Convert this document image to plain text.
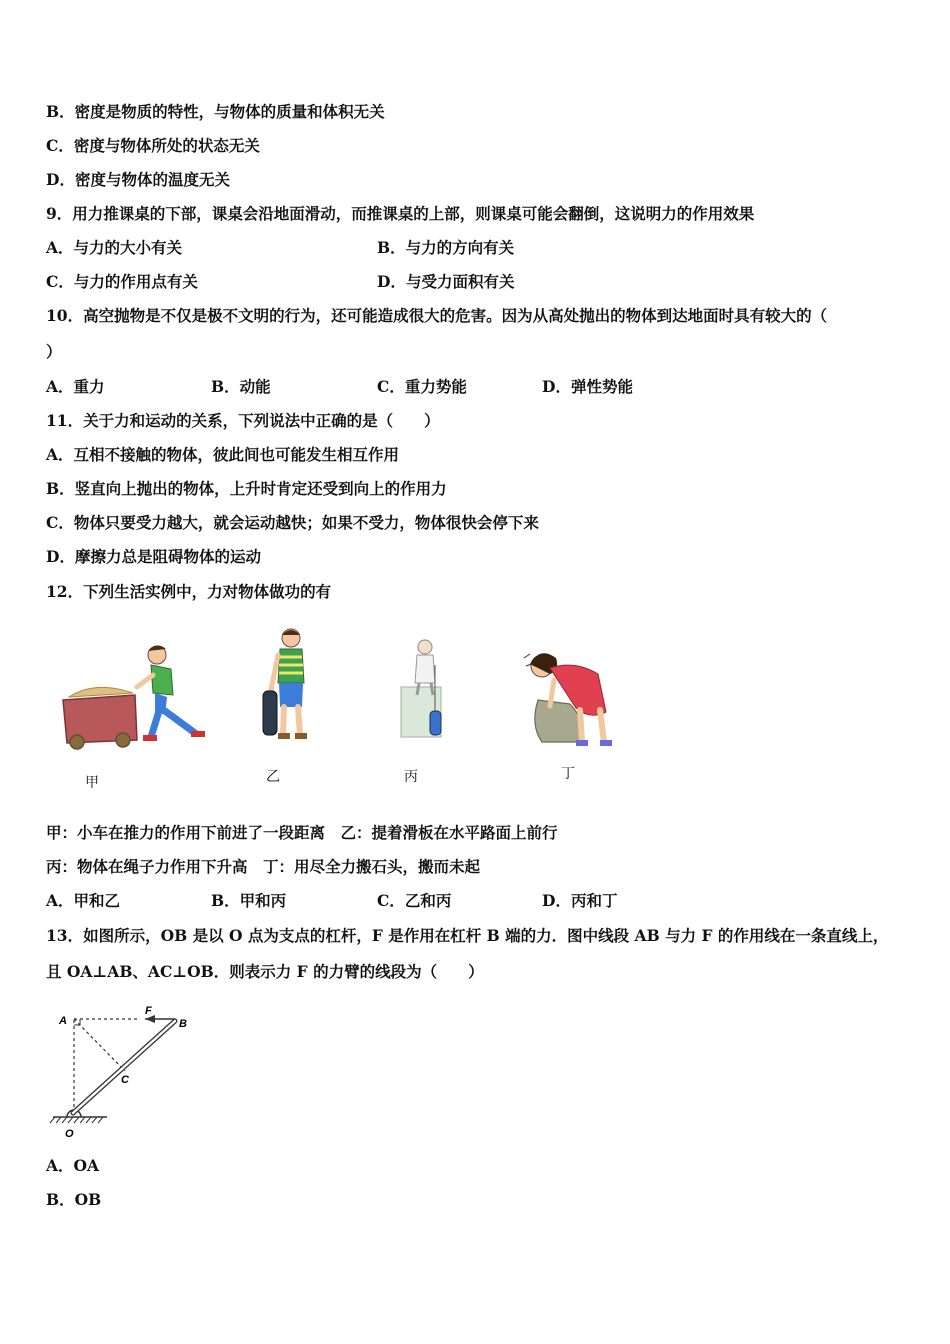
B．密度是物质的特性，与物体的质量和体积无关
C．密度与物体所处的状态无关
D．密度与物体的温度无关
9．用力推课桌的下部，课桌会沿地面滑动，而推课桌的上部，则课桌可能会翻倒，这说明力的作用效果
A．与力的大小有关	B．与力的方向有关
C．与力的作用点有关	D．与受力面积有关
10．高空抛物是不仅是极不文明的行为，还可能造成很大的危害。因为从高处抛出的物体到达地面时具有较大的（
）
A．重力	B．动能	C．重力势能	D．弹性势能
11．关于力和运动的关系，下列说法中正确的是（　　）
A．互相不接触的物体，彼此间也可能发生相互作用
B．竖直向上抛出的物体，上升时肯定还受到向上的作用力
C．物体只要受力越大，就会运动越快；如果不受力，物体很快会停下来
D．摩擦力总是阻碍物体的运动
12．下列生活实例中，力对物体做功的有
甲	乙	丙	丁
甲：小车在推力的作用下前进了一段距离　乙：提着滑板在水平路面上前行
丙：物体在绳子力作用下升高　丁：用尽全力搬石头，搬而未起
A．甲和乙	B．甲和丙	C．乙和丙	D．丙和丁
13．如图所示，OB 是以 O 点为支点的杠杆，F 是作用在杠杆 B 端的力．图中线段 AB 与力 F 的作用线在一条直线上，
且 OA⊥AB、AC⊥OB．则表示力 F 的力臂的线段为（　　）
A	B
C
O
F
A．OA
B．OB
